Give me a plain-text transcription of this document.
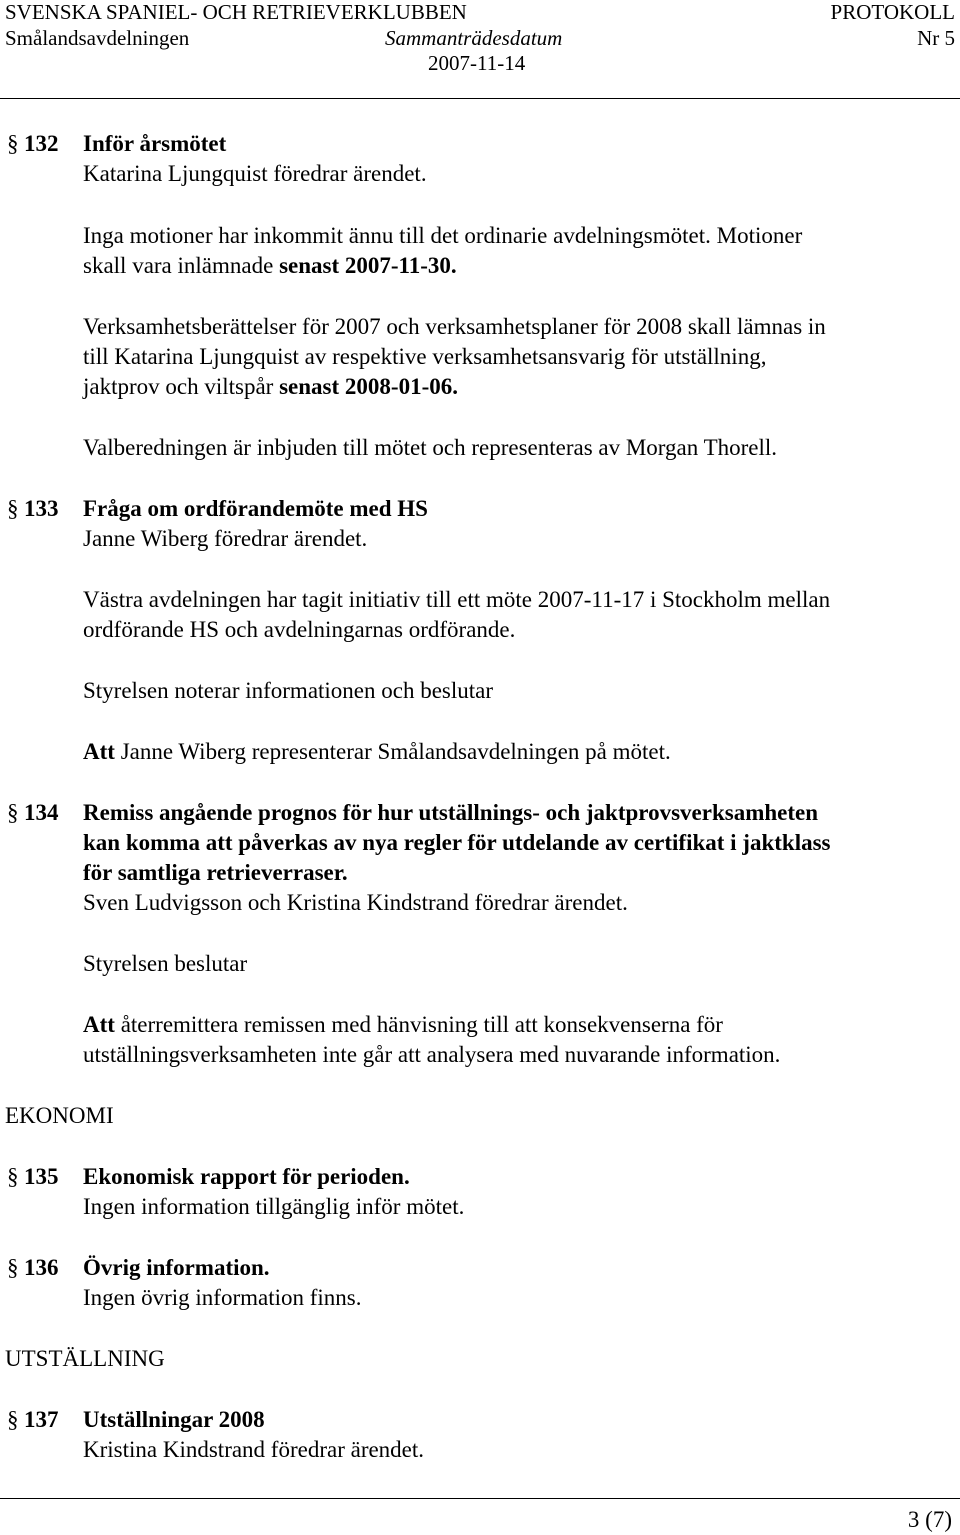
SVENSKA SPANIEL- OCH RETRIEVERKLUBBEN	PROTOKOLL
Smålandsavdelningen	Sammanträdesdatum	Nr 5
2007-11-14
§ 132 Inför årsmötet
Katarina Ljungquist föredrar ärendet.
Inga motioner har inkommit ännu till det ordinarie avdelningsmötet. Motioner
skall vara inlämnade senast 2007-11-30.
Verksamhetsberättelser för 2007 och verksamhetsplaner för 2008 skall lämnas in
till Katarina Ljungquist av respektive verksamhetsansvarig för utställning,
jaktprov och viltspår senast 2008-01-06.
Valberedningen är inbjuden till mötet och representeras av Morgan Thorell.
§ 133 Fråga om ordförandemöte med HS
Janne Wiberg föredrar ärendet.
Västra avdelningen har tagit initiativ till ett möte 2007-11-17 i Stockholm mellan
ordförande HS och avdelningarnas ordförande.
Styrelsen noterar informationen och beslutar
Att Janne Wiberg representerar Smålandsavdelningen på mötet.
§ 134 Remiss angående prognos för hur utställnings- och jaktprovsverksamheten
kan komma att påverkas av nya regler för utdelande av certifikat i jaktklass
för samtliga retrieverraser.
Sven Ludvigsson och Kristina Kindstrand föredrar ärendet.
Styrelsen beslutar
Att återremittera remissen med hänvisning till att konsekvenserna för
utställningsverksamheten inte går att analysera med nuvarande information.
EKONOMI
§ 135 Ekonomisk rapport för perioden.
Ingen information tillgänglig inför mötet.
§ 136 Övrig information.
Ingen övrig information finns.
UTSTÄLLNING
§ 137 Utställningar 2008
Kristina Kindstrand föredrar ärendet.
3 (7)
